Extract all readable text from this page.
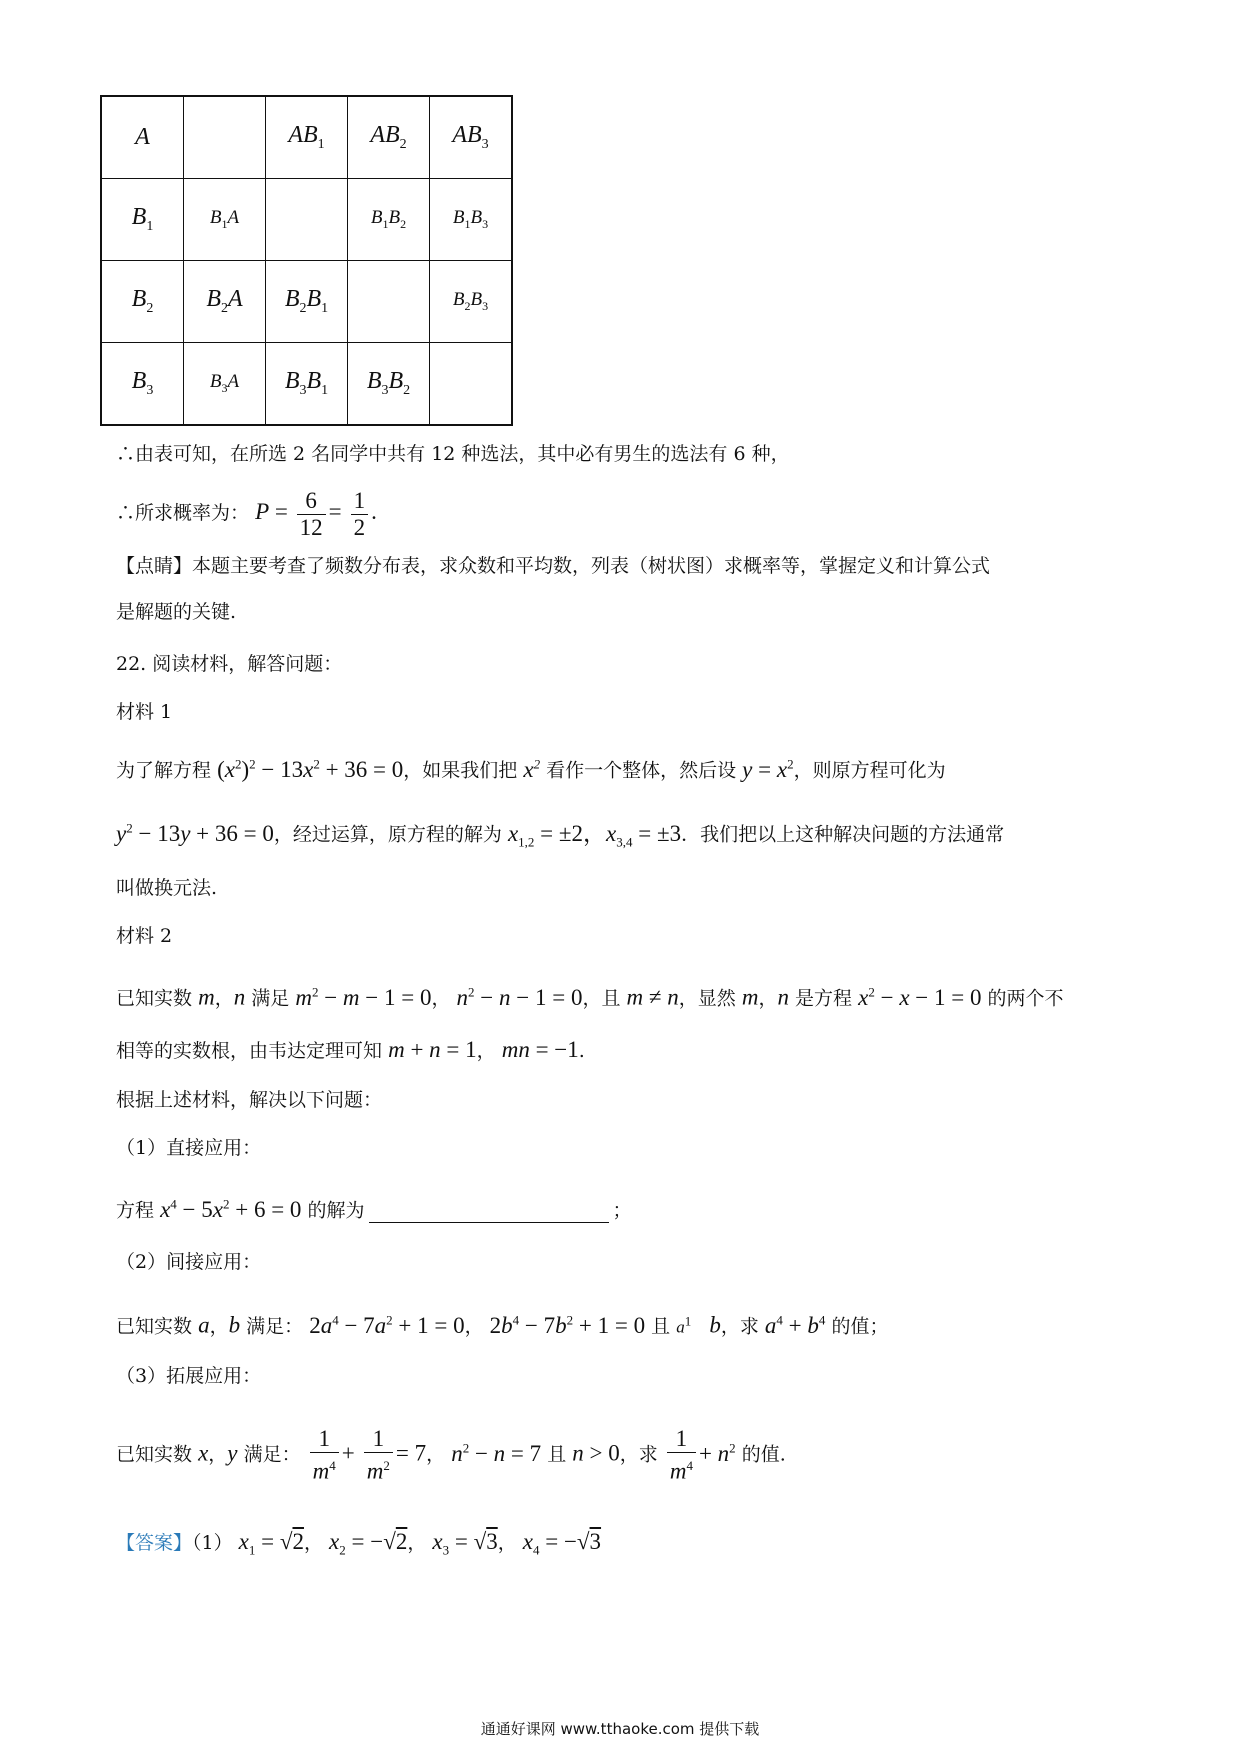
A		$AB_1$	$AB_2$	$AB_3$
$B_1$	$B_1A$		$B_1B_2$	$B_1B_3$
$B_2$	$B_2A$	$B_2B_1$		$B_2B_3$
$B_3$	$B_3A$	$B_3B_1$	$B_3B_2$	
∴由表可知，在所选 2 名同学中共有 12 种选法，其中必有男生的选法有 6 种，
∴所求概率为： $P = \frac{6}{12} = \frac{1}{2}$ .
【点睛】本题主要考查了频数分布表，求众数和平均数，列表（树状图）求概率等，掌握定义和计算公式
是解题的关键.
22. 阅读材料，解答问题：
材料 1
为了解方程 $(x^2)^2 - 13x^2 + 36 = 0$，如果我们把 $x^2$ 看作一个整体，然后设 $y = x^2$，则原方程可化为
$y^2 - 13y + 36 = 0$，经过运算，原方程的解为 $x_{1,2} = \pm 2$，$x_{3,4} = \pm 3$．我们把以上这种解决问题的方法通常
叫做换元法.
材料 2
已知实数 m，n 满足 $m^2 - m - 1 = 0$， $n^2 - n - 1 = 0$，且 m ≠ n，显然 m，n 是方程 $x^2 - x - 1 = 0$ 的两个不
相等的实数根，由韦达定理可知 m + n = 1， mn = −1.
根据上述材料，解决以下问题：
（1）直接应用：
方程 $x^4 - 5x^2 + 6 = 0$ 的解为	；
（2）间接应用：
已知实数 a，b 满足： $2a^4 - 7a^2 + 1 = 0$， $2b^4 - 7b^2 + 1 = 0$ 且 $a^1$ b，求 $a^4 + b^4$ 的值；
（3）拓展应用：
已知实数 x，y 满足： $\frac{1}{m^4} + \frac{1}{m^2} = 7$， $n^2 - n = 7$ 且 n > 0，求 $\frac{1}{m^4} + n^2$ 的值.
【答案】（1） $x_1 = √2$， $x_2 = -√2$， $x_3 = √3$， $x_4 = -√3$
通通好课网 www.tthaoke.com 提供下载
